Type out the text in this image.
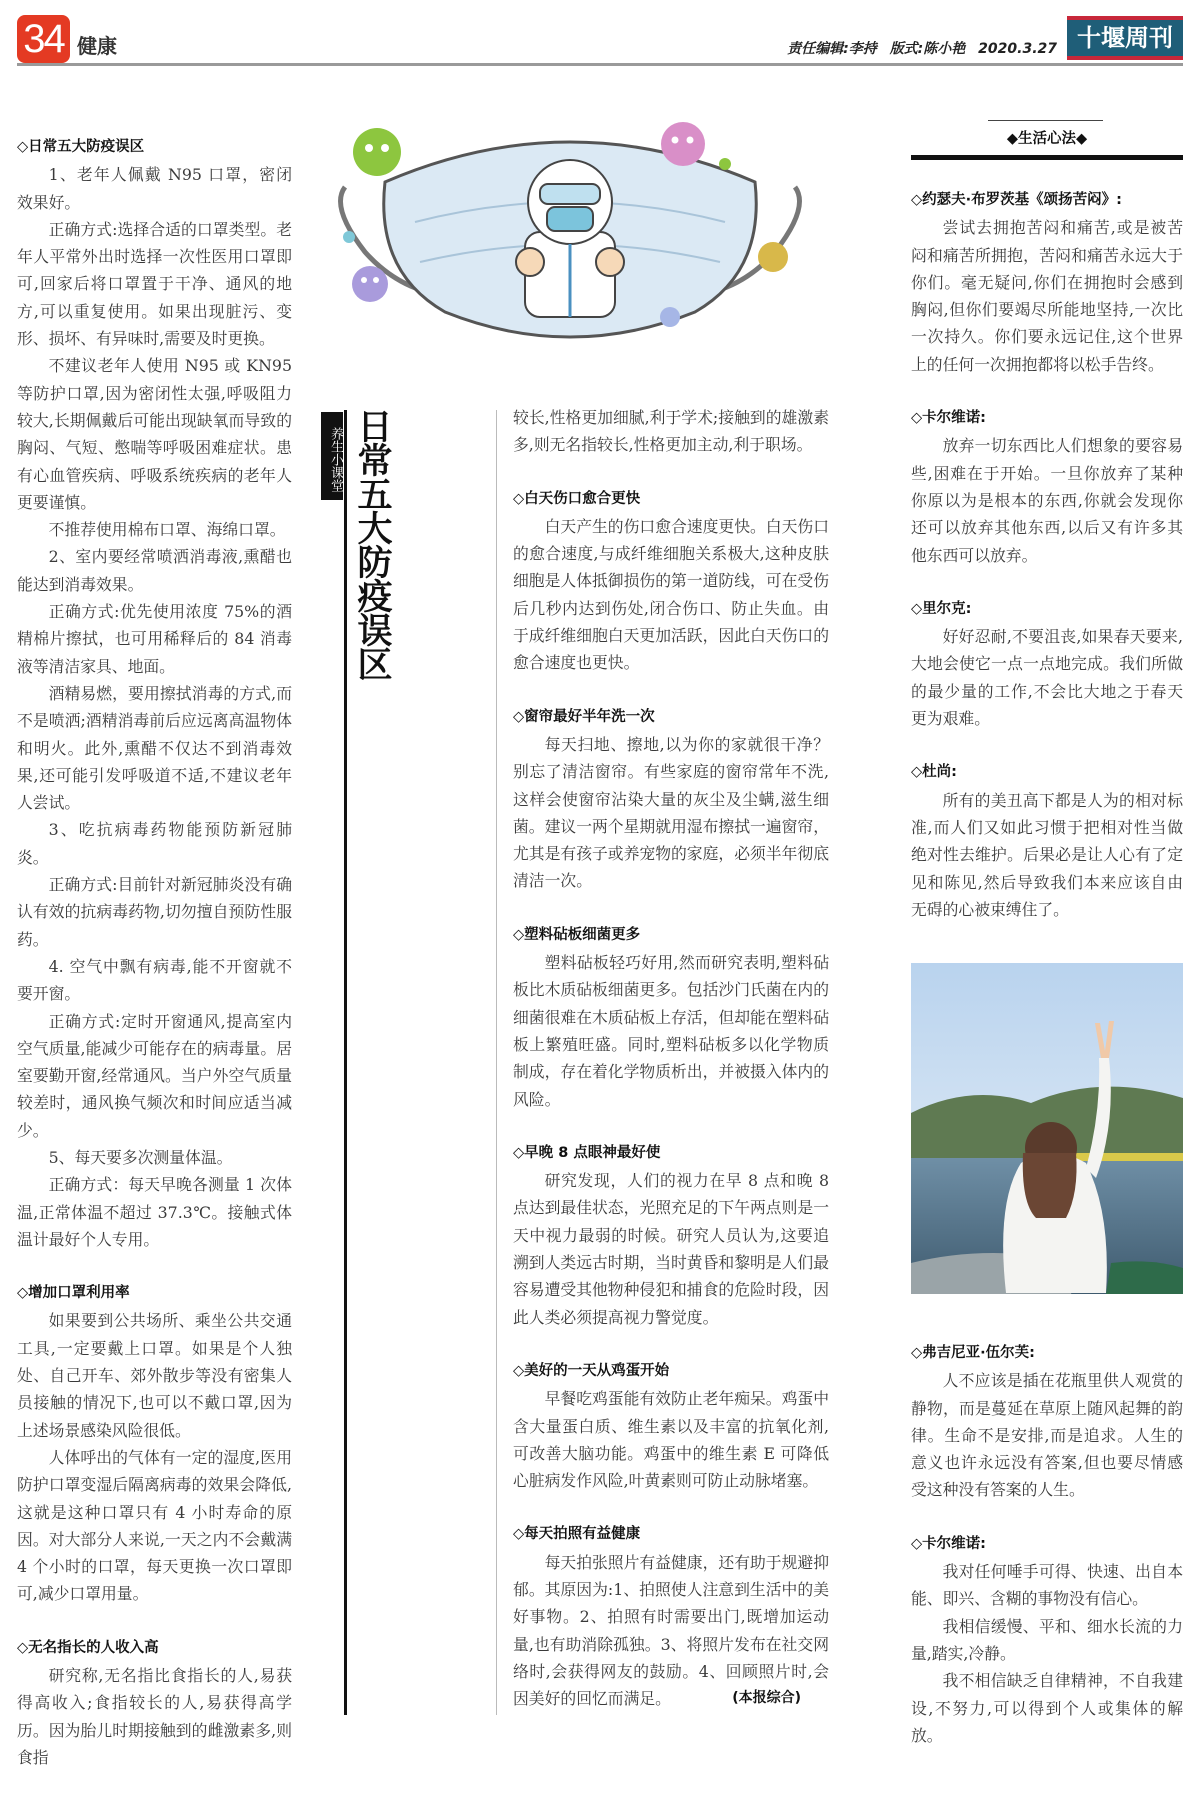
34 健康	责任编辑:李持 版式:陈小艳 2020.3.27 十堰周刊
养生小课堂 日常五大防疫误区
◇日常五大防疫误区

1、老年人佩戴 N95 口罩，密闭效果好。

正确方式:选择合适的口罩类型。老年人平常外出时选择一次性医用口罩即可,回家后将口罩置于干净、通风的地方,可以重复使用。如果出现脏污、变形、损坏、有异味时,需要及时更换。

不建议老年人使用 N95 或 KN95 等防护口罩,因为密闭性太强,呼吸阻力较大,长期佩戴后可能出现缺氧而导致的胸闷、气短、憋喘等呼吸困难症状。患有心血管疾病、呼吸系统疾病的老年人更要谨慎。

不推荐使用棉布口罩、海绵口罩。

2、室内要经常喷洒消毒液,熏醋也能达到消毒效果。

正确方式:优先使用浓度 75%的酒精棉片擦拭，也可用稀释后的 84 消毒液等清洁家具、地面。

酒精易燃，要用擦拭消毒的方式,而不是喷洒;酒精消毒前后应远离高温物体和明火。此外,熏醋不仅达不到消毒效果,还可能引发呼吸道不适,不建议老年人尝试。

3、吃抗病毒药物能预防新冠肺炎。

正确方式:目前针对新冠肺炎没有确认有效的抗病毒药物,切勿擅自预防性服药。

4. 空气中飘有病毒,能不开窗就不要开窗。

正确方式:定时开窗通风,提高室内空气质量,能减少可能存在的病毒量。居室要勤开窗,经常通风。当户外空气质量较差时，通风换气频次和时间应适当减少。

5、每天要多次测量体温。

正确方式：每天早晚各测量 1 次体温,正常体温不超过 37.3℃。接触式体温计最好个人专用。

◇增加口罩利用率

如果要到公共场所、乘坐公共交通工具,一定要戴上口罩。如果是个人独处、自己开车、郊外散步等没有密集人员接触的情况下,也可以不戴口罩,因为上述场景感染风险很低。

人体呼出的气体有一定的湿度,医用防护口罩变湿后隔离病毒的效果会降低,这就是这种口罩只有 4 小时寿命的原因。对大部分人来说,一天之内不会戴满 4 个小时的口罩，每天更换一次口罩即可,减少口罩用量。

◇无名指长的人收入高

研究称,无名指比食指长的人,易获得高收入;食指较长的人,易获得高学历。因为胎儿时期接触到的雌激素多,则食指

较长,性格更加细腻,利于学术;接触到的雄激素多,则无名指较长,性格更加主动,利于职场。

◇白天伤口愈合更快

白天产生的伤口愈合速度更快。白天伤口的愈合速度,与成纤维细胞关系极大,这种皮肤细胞是人体抵御损伤的第一道防线，可在受伤后几秒内达到伤处,闭合伤口、防止失血。由于成纤维细胞白天更加活跃，因此白天伤口的愈合速度也更快。

◇窗帘最好半年洗一次

每天扫地、擦地,以为你的家就很干净？别忘了清洁窗帘。有些家庭的窗帘常年不洗,这样会使窗帘沾染大量的灰尘及尘螨,滋生细菌。建议一两个星期就用湿布擦拭一遍窗帘，尤其是有孩子或养宠物的家庭，必须半年彻底清洁一次。

◇塑料砧板细菌更多

塑料砧板轻巧好用,然而研究表明,塑料砧板比木质砧板细菌更多。包括沙门氏菌在内的细菌很难在木质砧板上存活，但却能在塑料砧板上繁殖旺盛。同时,塑料砧板多以化学物质制成，存在着化学物质析出，并被摄入体内的风险。

◇早晚 8 点眼神最好使

研究发现，人们的视力在早 8 点和晚 8 点达到最佳状态，光照充足的下午两点则是一天中视力最弱的时候。研究人员认为,这要追溯到人类远古时期，当时黄昏和黎明是人们最容易遭受其他物种侵犯和捕食的危险时段，因此人类必须提高视力警觉度。

◇美好的一天从鸡蛋开始

早餐吃鸡蛋能有效防止老年痴呆。鸡蛋中含大量蛋白质、维生素以及丰富的抗氧化剂,可改善大脑功能。鸡蛋中的维生素 E 可降低心脏病发作风险,叶黄素则可防止动脉堵塞。

◇每天拍照有益健康

每天拍张照片有益健康，还有助于规避抑郁。其原因为:1、拍照使人注意到生活中的美好事物。2、拍照有时需要出门,既增加运动量,也有助消除孤独。3、将照片发布在社交网络时,会获得网友的鼓励。4、回顾照片时,会因美好的回忆而满足。	(本报综合)

◆生活心法◆
◇约瑟夫·布罗茨基《颂扬苦闷》:

尝试去拥抱苦闷和痛苦,或是被苦闷和痛苦所拥抱，苦闷和痛苦永远大于你们。毫无疑问,你们在拥抱时会感到胸闷,但你们要竭尽所能地坚持,一次比一次持久。你们要永远记住,这个世界上的任何一次拥抱都将以松手告终。

◇卡尔维诺:

放弃一切东西比人们想象的要容易些,困难在于开始。一旦你放弃了某种你原以为是根本的东西,你就会发现你还可以放弃其他东西,以后又有许多其他东西可以放弃。

◇里尔克:

好好忍耐,不要沮丧,如果春天要来,大地会使它一点一点地完成。我们所做的最少量的工作,不会比大地之于春天更为艰难。

◇杜尚:

所有的美丑高下都是人为的相对标准,而人们又如此习惯于把相对性当做绝对性去维护。后果必是让人心有了定见和陈见,然后导致我们本来应该自由无碍的心被束缚住了。

◇弗吉尼亚·伍尔芙:

人不应该是插在花瓶里供人观赏的静物，而是蔓延在草原上随风起舞的韵律。生命不是安排,而是追求。人生的意义也许永远没有答案,但也要尽情感受这种没有答案的人生。

◇卡尔维诺:

我对任何唾手可得、快速、出自本能、即兴、含糊的事物没有信心。

我相信缓慢、平和、细水长流的力量,踏实,冷静。

我不相信缺乏自律精神，不自我建设,不努力,可以得到个人或集体的解放。
